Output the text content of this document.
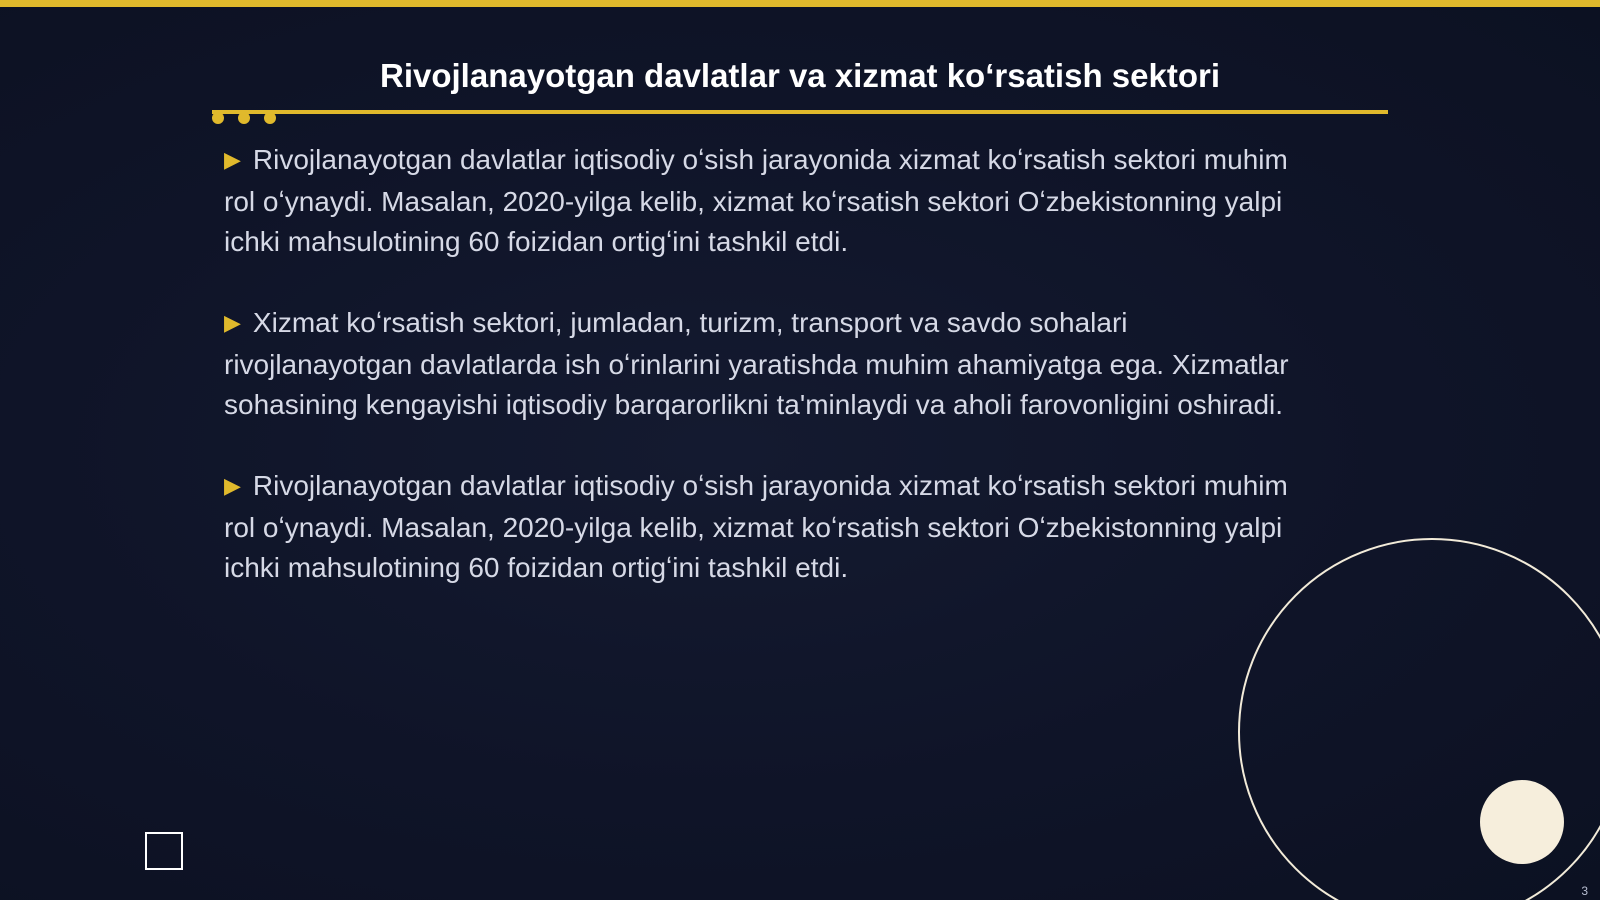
Rivojlanayotgan davlatlar va xizmat koʻrsatish sektori

▶ Rivojlanayotgan davlatlar iqtisodiy oʻsish jarayonida xizmat koʻrsatish sektori muhim rol oʻynaydi. Masalan, 2020-yilga kelib, xizmat koʻrsatish sektori Oʻzbekistonning yalpi ichki mahsulotining 60 foizidan ortigʻini tashkil etdi.

▶ Xizmat koʻrsatish sektori, jumladan, turizm, transport va savdo sohalari rivojlanayotgan davlatlarda ish oʻrinlarini yaratishda muhim ahamiyatga ega. Xizmatlar sohasining kengayishi iqtisodiy barqarorlikni ta'minlaydi va aholi farovonligini oshiradi.

▶ Rivojlanayotgan davlatlar iqtisodiy oʻsish jarayonida xizmat koʻrsatish sektori muhim rol oʻynaydi. Masalan, 2020-yilga kelib, xizmat koʻrsatish sektori Oʻzbekistonning yalpi ichki mahsulotining 60 foizidan ortigʻini tashkil etdi.

3
